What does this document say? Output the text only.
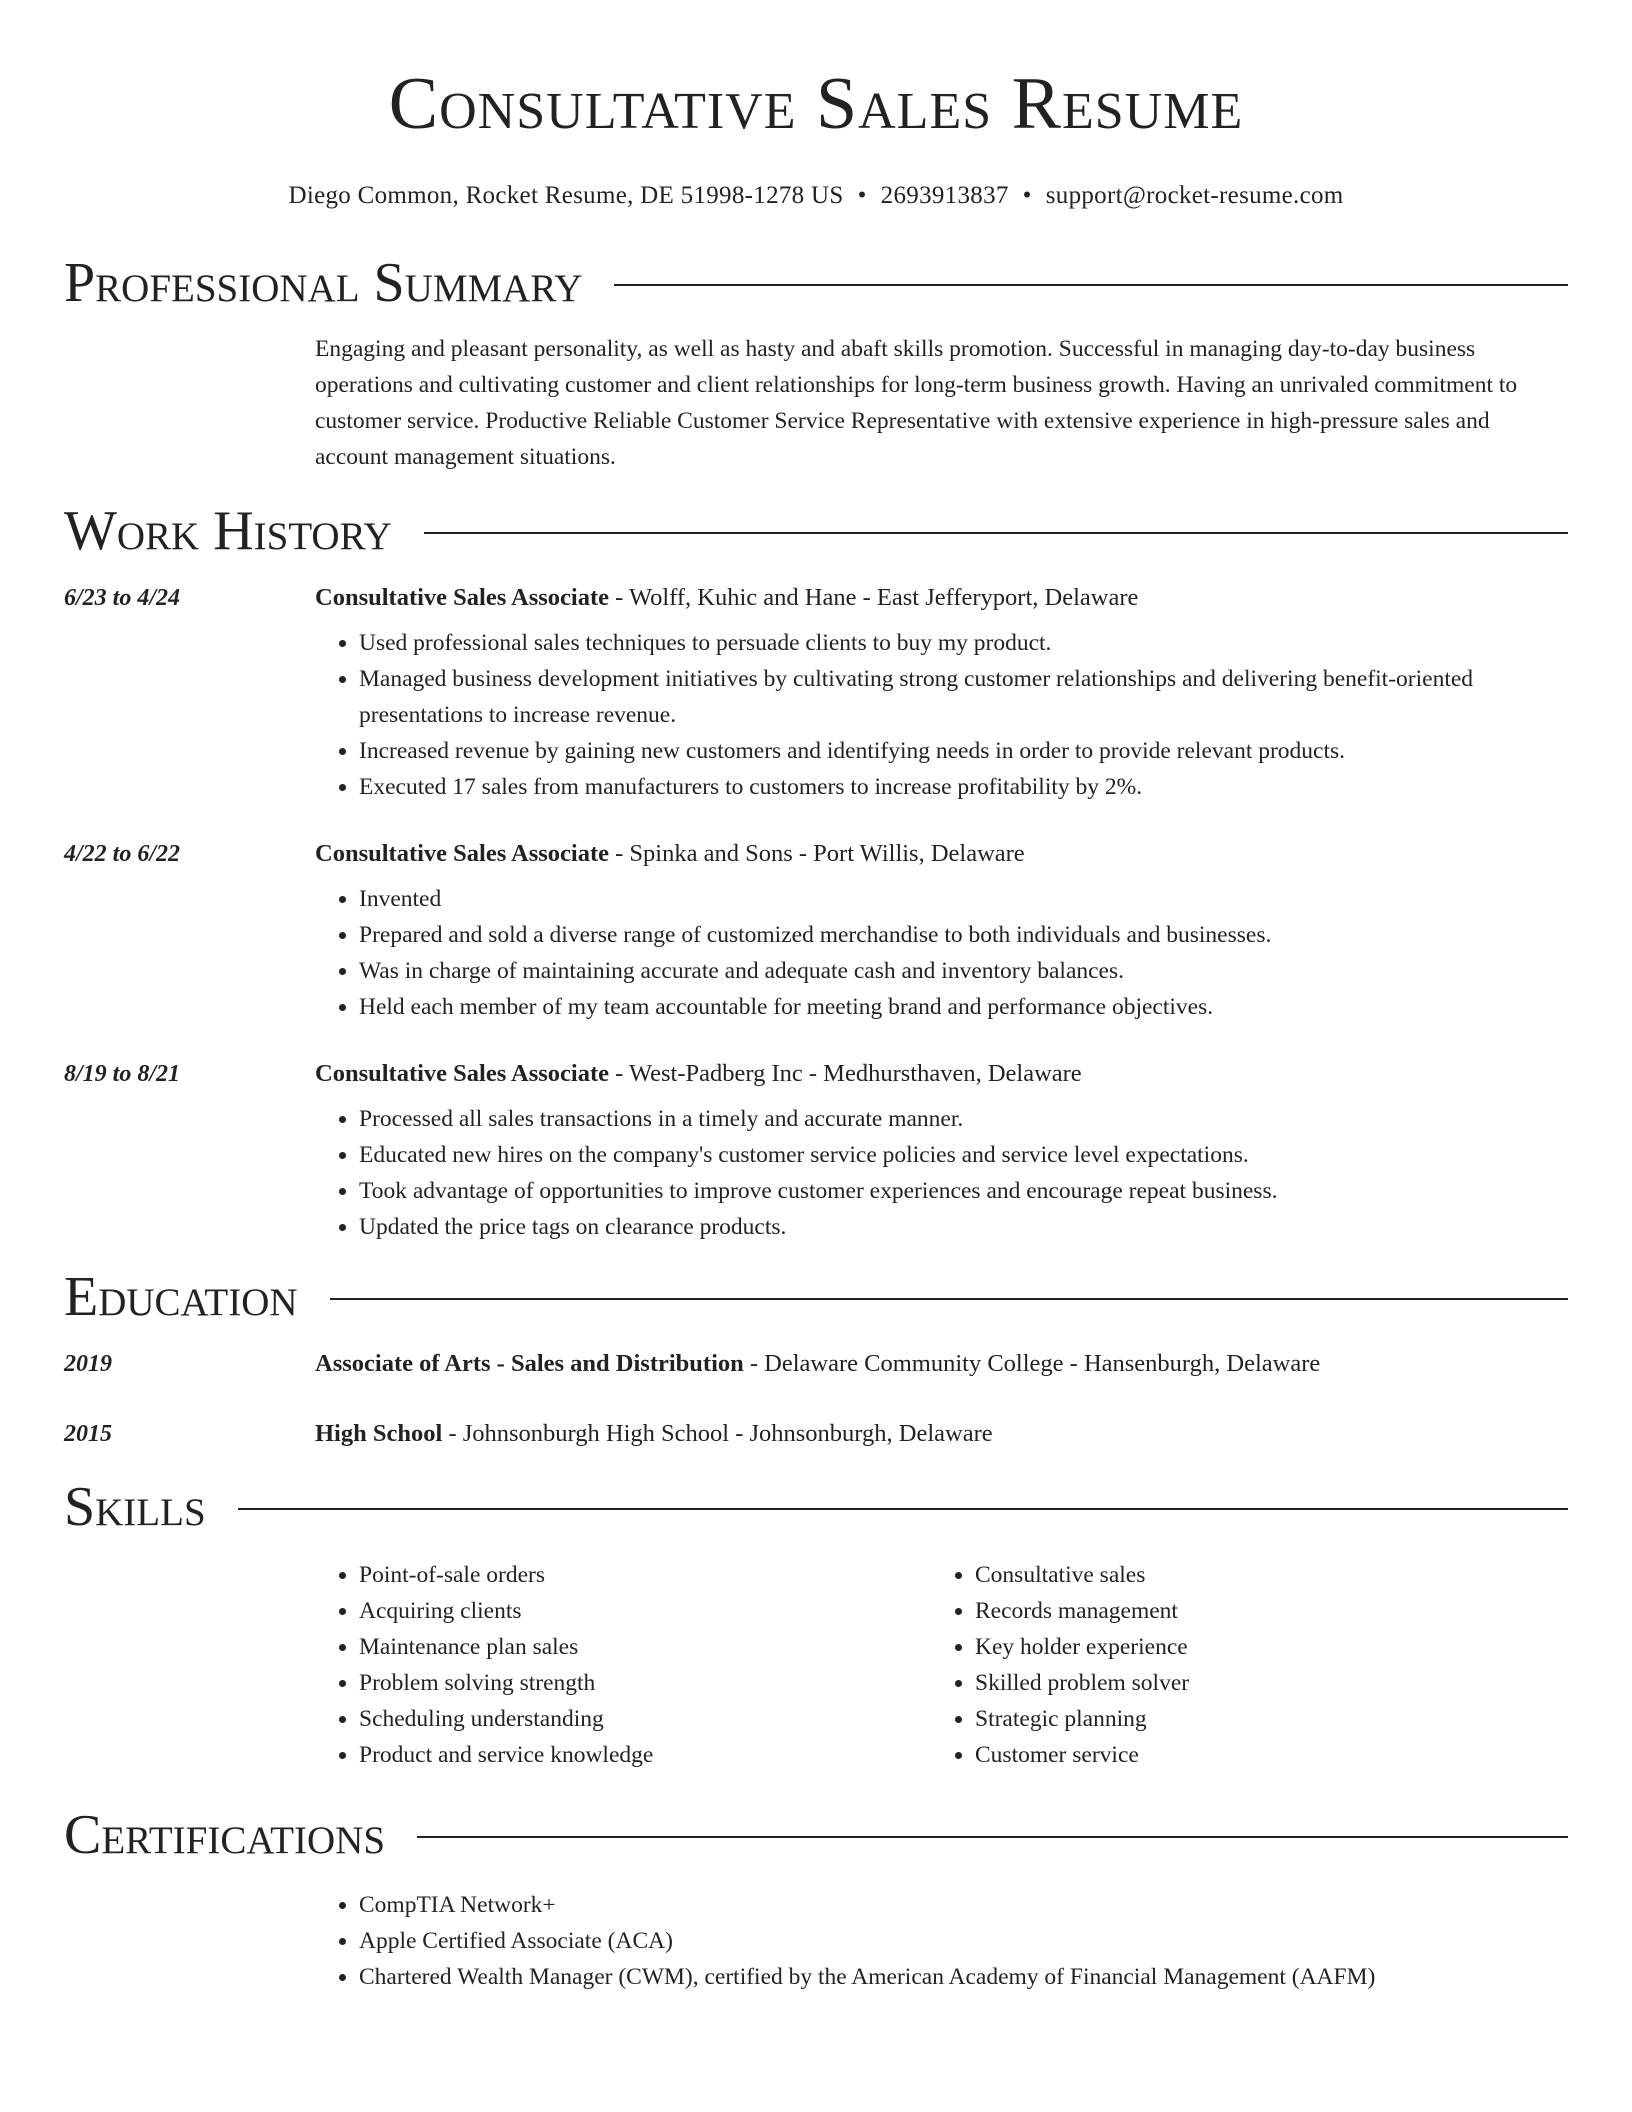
Consultative Sales Resume
Diego Common, Rocket Resume, DE 51998-1278 US • 2693913837 • support@rocket-resume.com
Professional Summary
Engaging and pleasant personality, as well as hasty and abaft skills promotion. Successful in managing day-to-day business operations and cultivating customer and client relationships for long-term business growth. Having an unrivaled commitment to customer service. Productive Reliable Customer Service Representative with extensive experience in high-pressure sales and account management situations.
Work History
6/23 to 4/24	Consultative Sales Associate - Wolff, Kuhic and Hane - East Jefferyport, Delaware
• Used professional sales techniques to persuade clients to buy my product.
• Managed business development initiatives by cultivating strong customer relationships and delivering benefit-oriented presentations to increase revenue.
• Increased revenue by gaining new customers and identifying needs in order to provide relevant products.
• Executed 17 sales from manufacturers to customers to increase profitability by 2%.
4/22 to 6/22	Consultative Sales Associate - Spinka and Sons - Port Willis, Delaware
• Invented
• Prepared and sold a diverse range of customized merchandise to both individuals and businesses.
• Was in charge of maintaining accurate and adequate cash and inventory balances.
• Held each member of my team accountable for meeting brand and performance objectives.
8/19 to 8/21	Consultative Sales Associate - West-Padberg Inc - Medhursthaven, Delaware
• Processed all sales transactions in a timely and accurate manner.
• Educated new hires on the company's customer service policies and service level expectations.
• Took advantage of opportunities to improve customer experiences and encourage repeat business.
• Updated the price tags on clearance products.
Education
2019	Associate of Arts - Sales and Distribution - Delaware Community College - Hansenburgh, Delaware
2015	High School - Johnsonburgh High School - Johnsonburgh, Delaware
Skills
• Point-of-sale orders
• Acquiring clients
• Maintenance plan sales
• Problem solving strength
• Scheduling understanding
• Product and service knowledge
• Consultative sales
• Records management
• Key holder experience
• Skilled problem solver
• Strategic planning
• Customer service
Certifications
• CompTIA Network+
• Apple Certified Associate (ACA)
• Chartered Wealth Manager (CWM), certified by the American Academy of Financial Management (AAFM)
